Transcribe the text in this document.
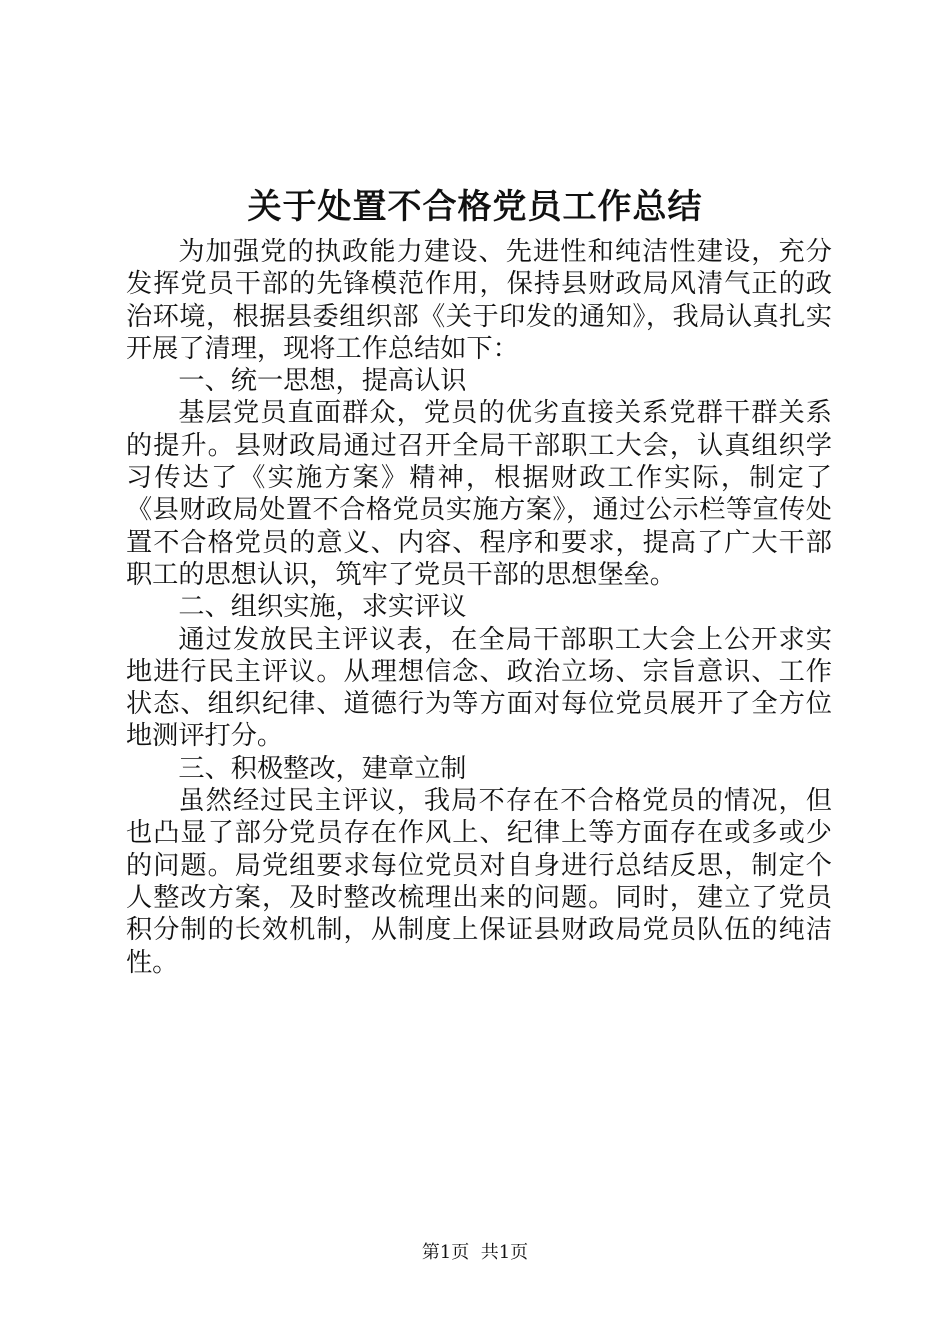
关于处置不合格党员工作总结

为加强党的执政能力建设、先进性和纯洁性建设，充分发挥党员干部的先锋模范作用，保持县财政局风清气正的政治环境，根据县委组织部《关于印发的通知》，我局认真扎实开展了清理，现将工作总结如下：

一、统一思想，提高认识

基层党员直面群众，党员的优劣直接关系党群干群关系的提升。县财政局通过召开全局干部职工大会，认真组织学习传达了《实施方案》精神，根据财政工作实际，制定了《县财政局处置不合格党员实施方案》，通过公示栏等宣传处置不合格党员的意义、内容、程序和要求，提高了广大干部职工的思想认识，筑牢了党员干部的思想堡垒。

二、组织实施，求实评议

通过发放民主评议表，在全局干部职工大会上公开求实地进行民主评议。从理想信念、政治立场、宗旨意识、工作状态、组织纪律、道德行为等方面对每位党员展开了全方位地测评打分。

三、积极整改，建章立制

虽然经过民主评议，我局不存在不合格党员的情况，但也凸显了部分党员存在作风上、纪律上等方面存在或多或少的问题。局党组要求每位党员对自身进行总结反思，制定个人整改方案，及时整改梳理出来的问题。同时，建立了党员积分制的长效机制，从制度上保证县财政局党员队伍的纯洁性。

第1页  共1页
